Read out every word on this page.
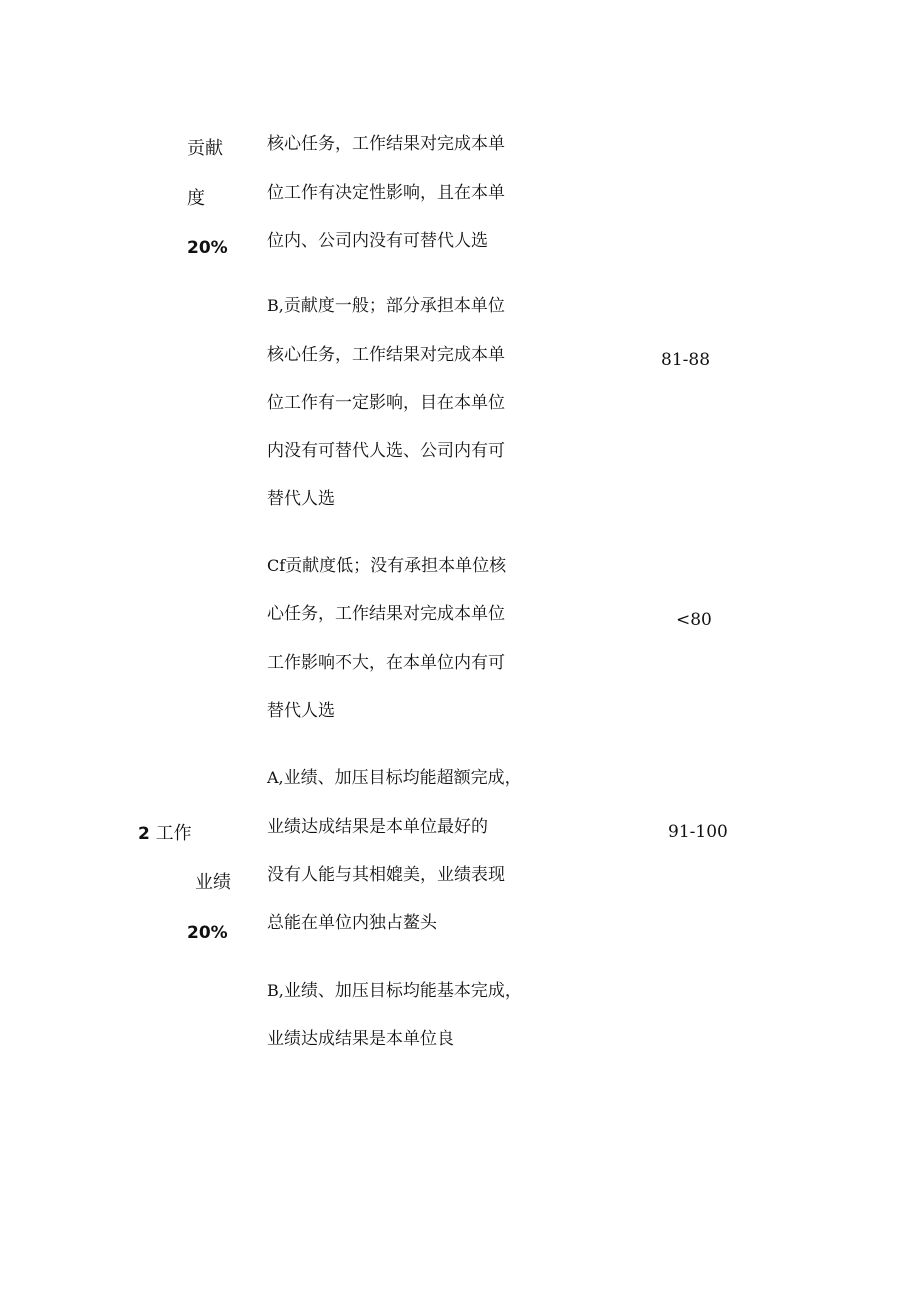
贡献
度
20%
核心任务，工作结果对完成本单
位工作有决定性影响，且在本单
位内、公司内没有可替代人选
B,贡献度一般；部分承担本单位
核心任务，工作结果对完成本单
位工作有一定影响，目在本单位
内没有可替代人选、公司内有可
替代人选
81-88
Cf贡献度低；没有承担本单位核
心任务，工作结果对完成本单位
工作影响不大，在本单位内有可
替代人选
<80
2 工作
业绩
20%
A,业绩、加压目标均能超额完成，
业绩达成结果是本单位最好的
没有人能与其相媲美，业绩表现
总能在单位内独占鳌头
91-100
B,业绩、加压目标均能基本完成，
业绩达成结果是本单位良
